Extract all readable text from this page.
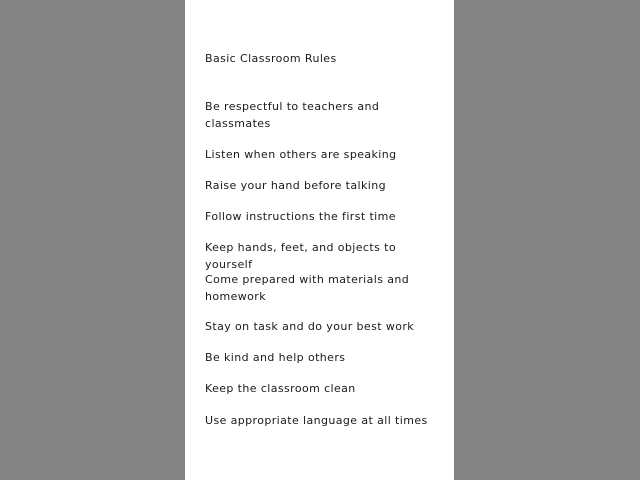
Basic Classroom Rules
Be respectful to teachers and
classmates
Listen when others are speaking
Raise your hand before talking
Follow instructions the first time
Keep hands, feet, and objects to yourself
Come prepared with materials and
homework
Stay on task and do your best work
Be kind and help others
Keep the classroom clean
Use appropriate language at all times
